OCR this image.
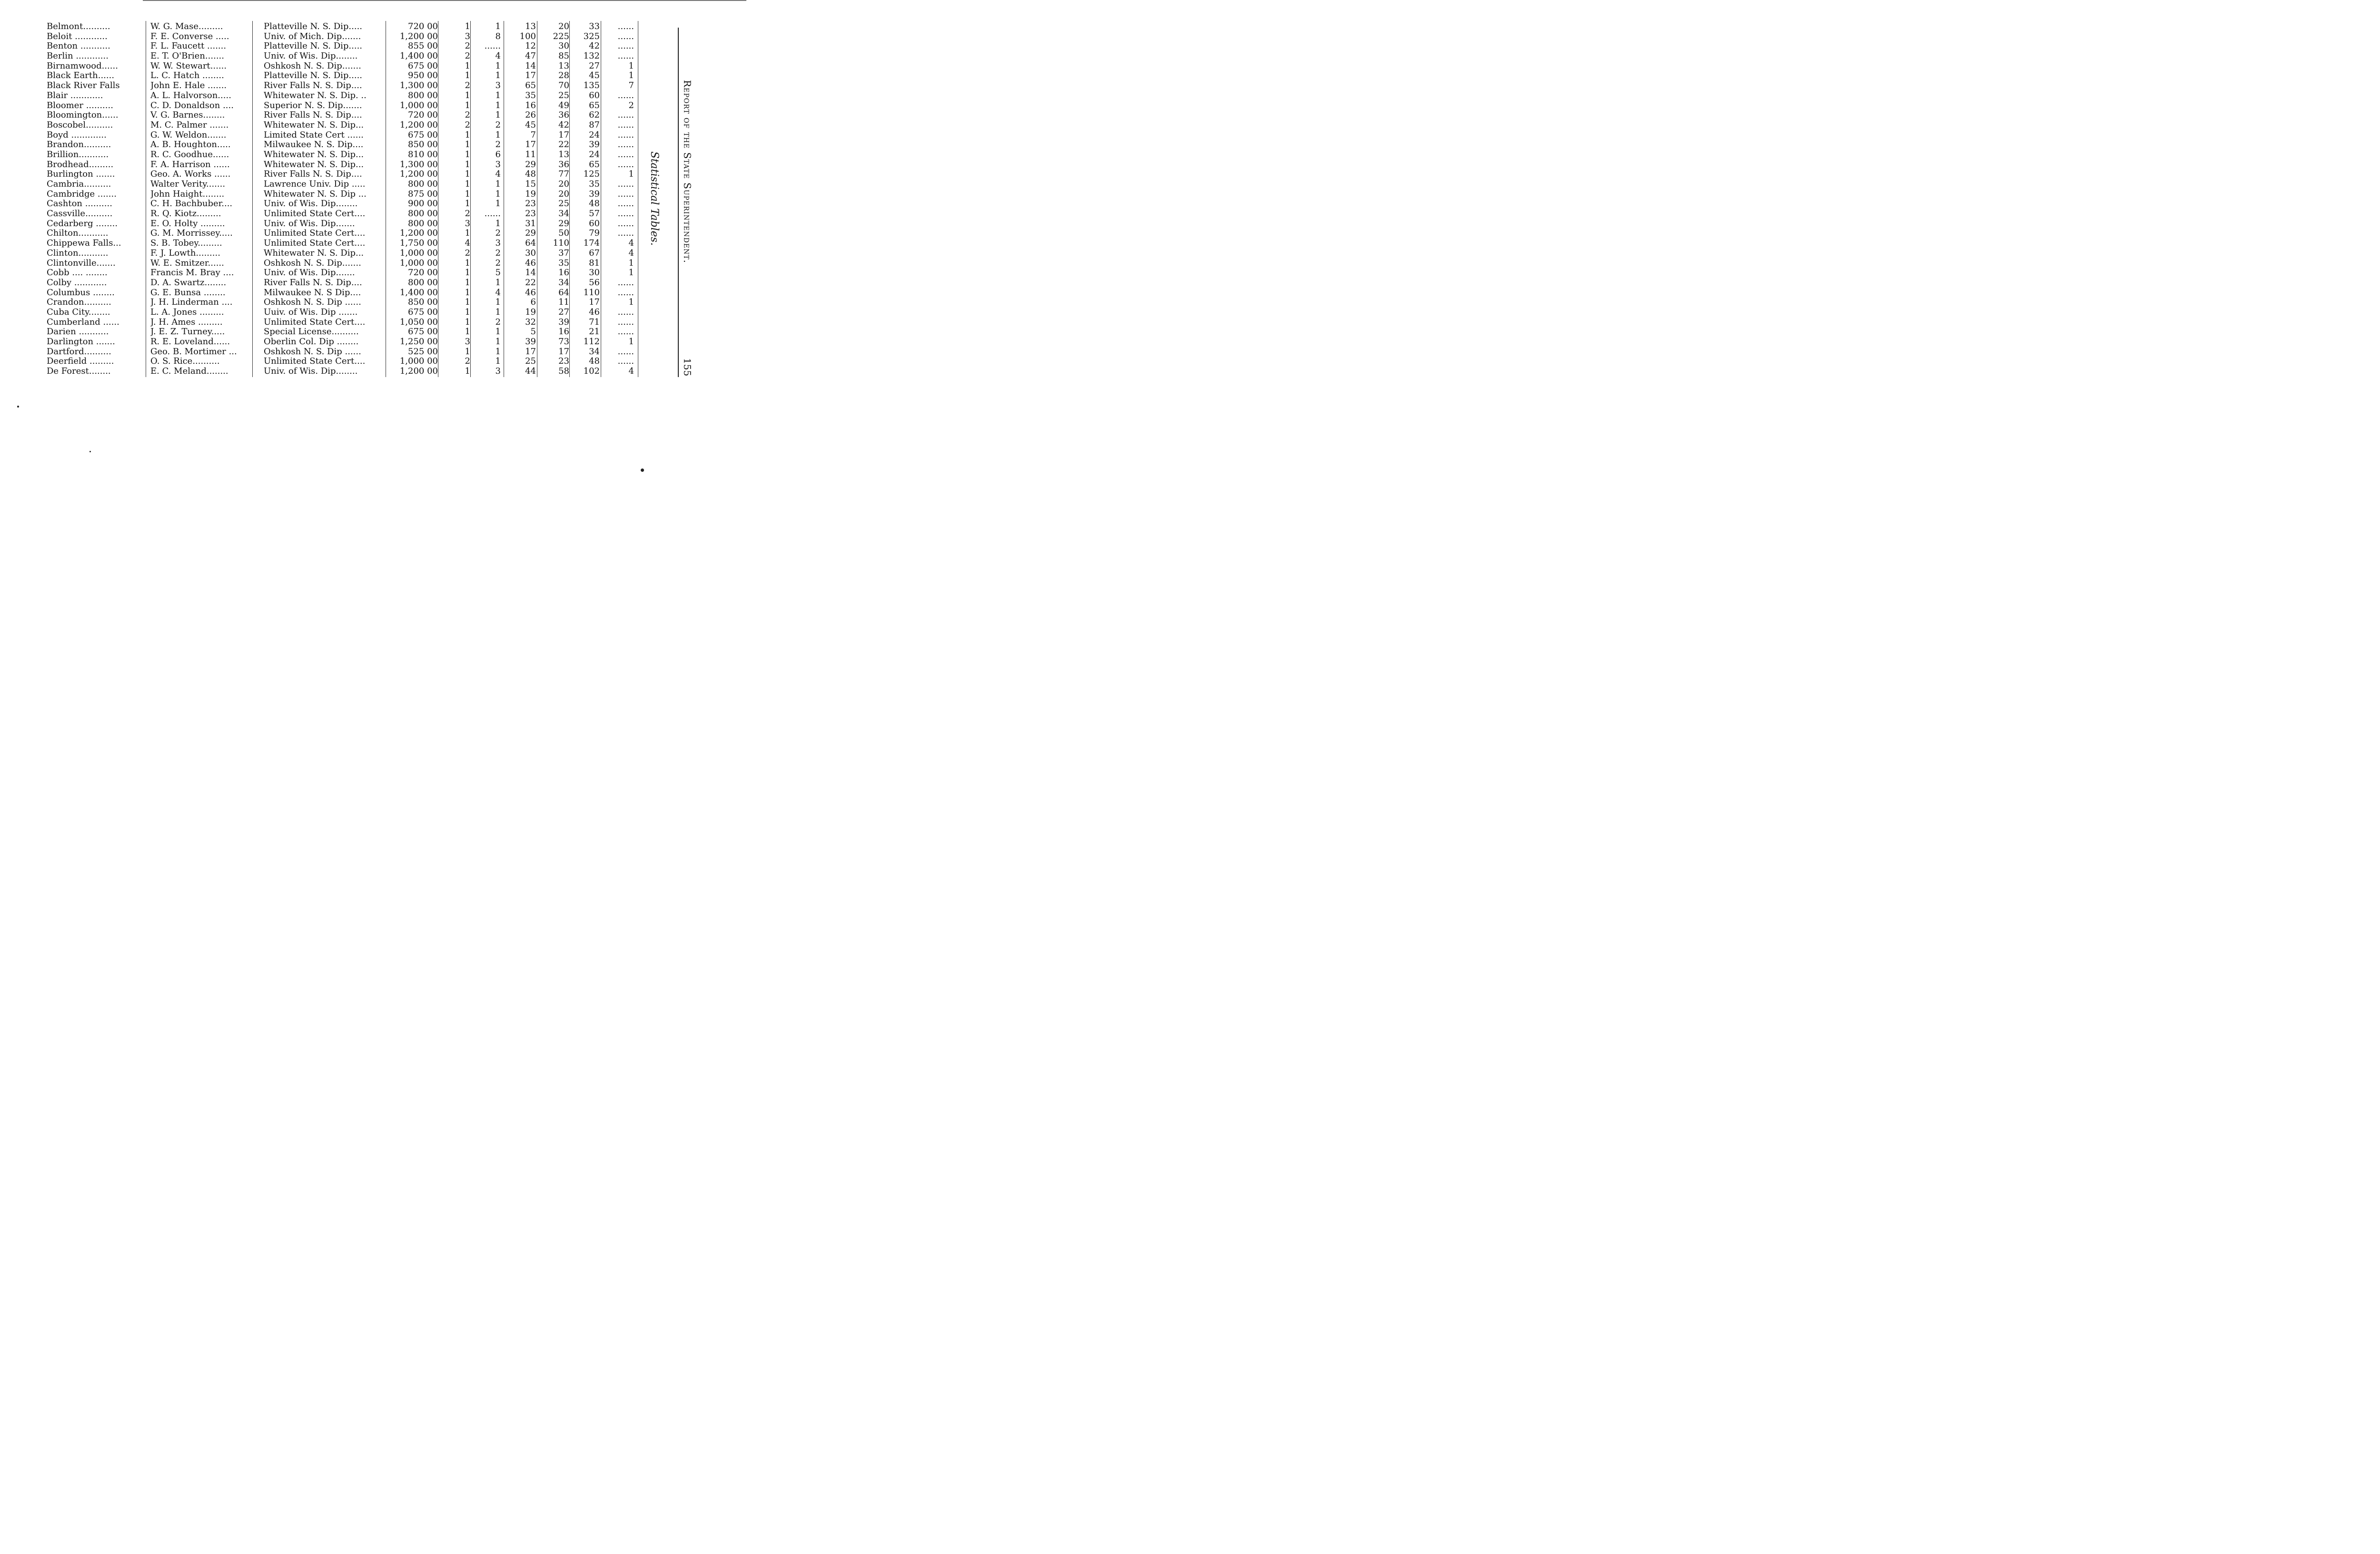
Belmont..........	W. G. Mase.........	Platteville N. S. Dip.....	720 00	1	1	13	20	33	......
Beloit ............	F. E. Converse .....	Univ. of Mich. Dip.......	1,200 00	3	8	100	225	325	......
Benton ...........	F. L. Faucett .......	Platteville N. S. Dip.....	855 00	2	......	12	30	42	......
Berlin ............	E. T. O'Brien.......	Univ. of Wis. Dip........	1,400 00	2	4	47	85	132	......
Birnamwood......	W. W. Stewart......	Oshkosh N. S. Dip.......	675 00	1	1	14	13	27	1
Black Earth......	L. C. Hatch ........	Platteville N. S. Dip.....	950 00	1	1	17	28	45	1
Black River Falls	John E. Hale .......	River Falls N. S. Dip....	1,300 00	2	3	65	70	135	7
Blair ............	A. L. Halvorson.....	Whitewater N. S. Dip. ..	800 00	1	1	35	25	60	......
Bloomer ..........	C. D. Donaldson ....	Superior N. S. Dip.......	1,000 00	1	1	16	49	65	2
Bloomington......	V. G. Barnes........	River Falls N. S. Dip....	720 00	2	1	26	36	62	......
Boscobel..........	M. C. Palmer .......	Whitewater N. S. Dip...	1,200 00	2	2	45	42	87	......
Boyd .............	G. W. Weldon.......	Limited State Cert ......	675 00	1	1	7	17	24	......
Brandon..........	A. B. Houghton.....	Milwaukee N. S. Dip....	850 00	1	2	17	22	39	......
Brillion...........	R. C. Goodhue......	Whitewater N. S. Dip...	810 00	1	6	11	13	24	......
Brodhead.........	F. A. Harrison ......	Whitewater N. S. Dip...	1,300 00	1	3	29	36	65	......
Burlington .......	Geo. A. Works ......	River Falls N. S. Dip....	1,200 00	1	4	48	77	125	1
Cambria..........	Walter Verity.......	Lawrence Univ. Dip .....	800 00	1	1	15	20	35	......
Cambridge .......	John Haight........	Whitewater N. S. Dip ...	875 00	1	1	19	20	39	......
Cashton ..........	C. H. Bachbuber....	Univ. of Wis. Dip........	900 00	1	1	23	25	48	......
Cassville..........	R. Q. Kiotz.........	Unlimited State Cert....	800 00	2	......	23	34	57	......
Cedarberg ........	E. O. Holty .........	Univ. of Wis. Dip.......	800 00	3	1	31	29	60	......
Chilton...........	G. M. Morrissey.....	Unlimited State Cert....	1,200 00	1	2	29	50	79	......
Chippewa Falls...	S. B. Tobey.........	Unlimited State Cert....	1,750 00	4	3	64	110	174	4
Clinton...........	F. J. Lowth.........	Whitewater N. S. Dip...	1,000 00	2	2	30	37	67	4
Clintonville.......	W. E. Smitzer......	Oshkosh N. S. Dip.......	1,000 00	1	2	46	35	81	1
Cobb .... ........	Francis M. Bray ....	Univ. of Wis. Dip.......	720 00	1	5	14	16	30	1
Colby ............	D. A. Swartz........	River Falls N. S. Dip....	800 00	1	1	22	34	56	......
Columbus ........	G. E. Bunsa ........	Milwaukee N. S Dip....	1,400 00	1	4	46	64	110	......
Crandon..........	J. H. Linderman ....	Oshkosh N. S. Dip ......	850 00	1	1	6	11	17	1
Cuba City........	L. A. Jones .........	Uuiv. of Wis. Dip .......	675 00	1	1	19	27	46	......
Cumberland ......	J. H. Ames .........	Unlimited State Cert....	1,050 00	1	2	32	39	71	......
Darien ...........	J. E. Z. Turney.....	Special License..........	675 00	1	1	5	16	21	......
Darlington .......	R. E. Loveland......	Oberlin Col. Dip ........	1,250 00	3	1	39	73	112	1
Dartford..........	Geo. B. Mortimer ...	Oshkosh N. S. Dip ......	525 00	1	1	17	17	34	......
Deerfield .........	O. S. Rice..........	Unlimited State Cert....	1,000 00	2	1	25	23	48	......
De Forest........	E. C. Meland........	Univ. of Wis. Dip........	1,200 00	1	3	44	58	102	4
Report of the State Superintendent.
Statistical Tables.
155
